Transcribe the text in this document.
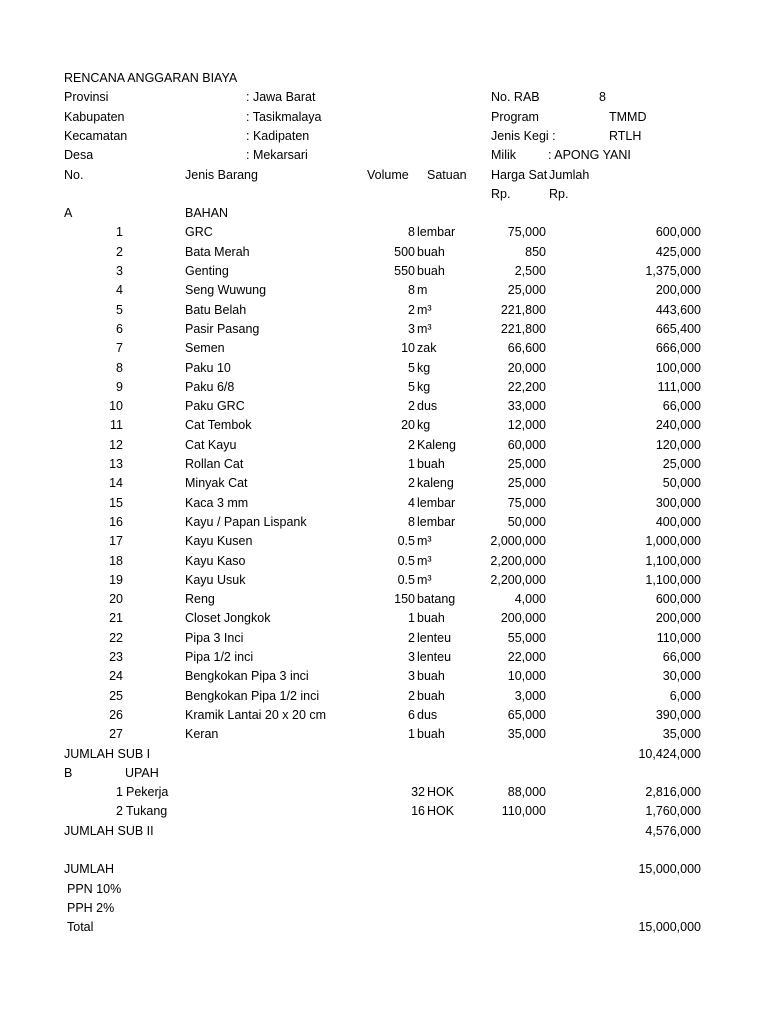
RENCANA ANGGARAN BIAYA
Provinsi	: Jawa Barat	No. RAB	8
Kabupaten	: Tasikmalaya	Program	TMMD
Kecamatan	: Kadipaten	Jenis Kegi :	RTLH
Desa	: Mekarsari	Milik	: APONG YANI
No.	Jenis Barang	Volume Satuan Harga Sat Jumlah
Rp.	Rp.
A	BAHAN
1	GRC	8 lembar	75,000	600,000
2	Bata Merah	500 buah	850	425,000
3	Genting	550 buah	2,500	1,375,000
4	Seng Wuwung	8 m	25,000	200,000
5	Batu Belah	2 m³	221,800	443,600
6	Pasir Pasang	3 m³	221,800	665,400
7	Semen	10 zak	66,600	666,000
8	Paku 10	5 kg	20,000	100,000
9	Paku 6/8	5 kg	22,200	111,000
10	Paku GRC	2 dus	33,000	66,000
11	Cat Tembok	20 kg	12,000	240,000
12	Cat Kayu	2 Kaleng	60,000	120,000
13	Rollan Cat	1 buah	25,000	25,000
14	Minyak Cat	2 kaleng	25,000	50,000
15	Kaca 3 mm	4 lembar	75,000	300,000
16	Kayu / Papan Lispank	8 lembar	50,000	400,000
17	Kayu Kusen	0.5 m³	2,000,000	1,000,000
18	Kayu Kaso	0.5 m³	2,200,000	1,100,000
19	Kayu Usuk	0.5 m³	2,200,000	1,100,000
20	Reng	150 batang	4,000	600,000
21	Closet Jongkok	1 buah	200,000	200,000
22	Pipa 3 Inci	2 lenteu	55,000	110,000
23	Pipa 1/2 inci	3 lenteu	22,000	66,000
24	Bengkokan Pipa 3 inci	3 buah	10,000	30,000
25	Bengkokan Pipa 1/2 inci	2 buah	3,000	6,000
26	Kramik Lantai 20 x 20 cm	6 dus	65,000	390,000
27	Keran	1 buah	35,000	35,000
JUMLAH SUB I	10,424,000
B	UPAH
1 Pekerja	32 HOK	88,000	2,816,000
2 Tukang	16 HOK	110,000	1,760,000
JUMLAH SUB II	4,576,000
JUMLAH	15,000,000
PPN 10%
PPH 2%
Total	15,000,000
